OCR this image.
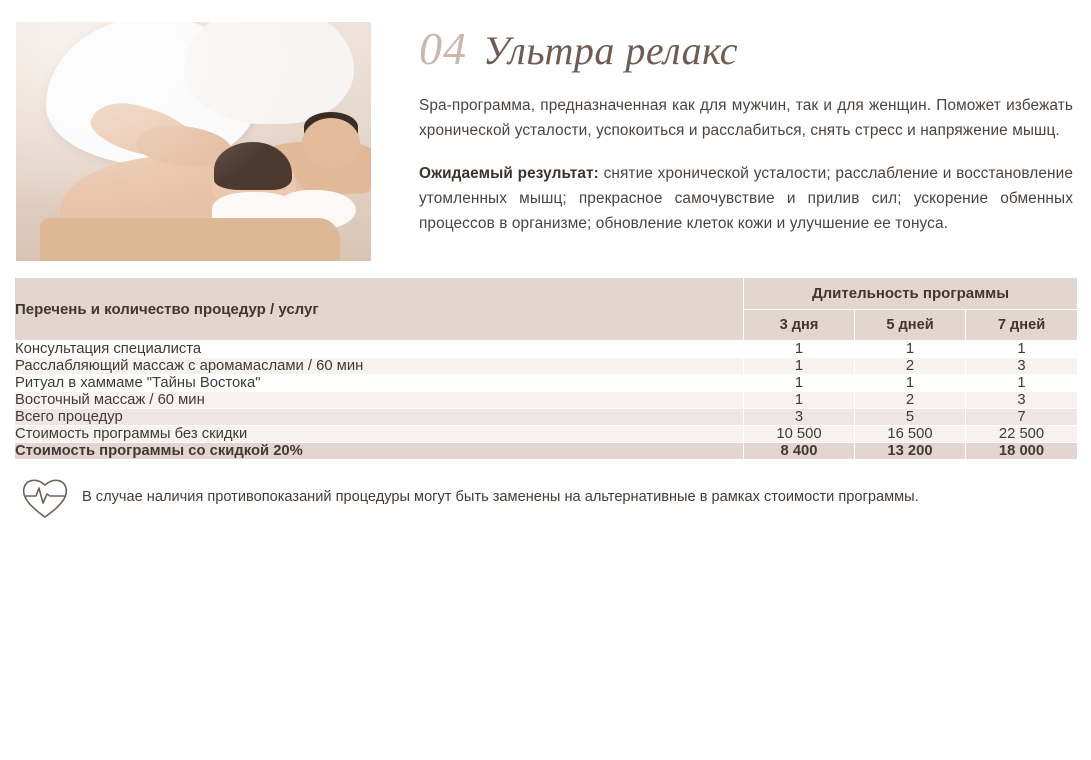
04 Ультра релакс

Spa-программа, предназначенная как для мужчин, так и для женщин. Поможет избежать хронической усталости, успокоиться и расслабиться, снять стресс и напряжение мышц.

Ожидаемый результат: снятие хронической усталости; расслабление и восстановление утомленных мышц; прекрасное самочувствие и прилив сил; ускорение обменных процессов в организме; обновление клеток кожи и улучшение ее тонуса.

Перечень и количество процедур / услуг	Длительность программы		
	3 дня	5 дней	7 дней
Консультация специалиста	1	1	1
Расслабляющий массаж с аромамаслами / 60 мин	1	2	3
Ритуал в хаммаме "Тайны Востока"	1	1	1
Восточный массаж / 60 мин	1	2	3
Всего процедур	3	5	7
Стоимость программы без скидки	10 500	16 500	22 500
Стоимость программы со скидкой 20%	8 400	13 200	18 000
В случае наличия противопоказаний процедуры могут быть заменены на альтернативные в рамках стоимости программы.
